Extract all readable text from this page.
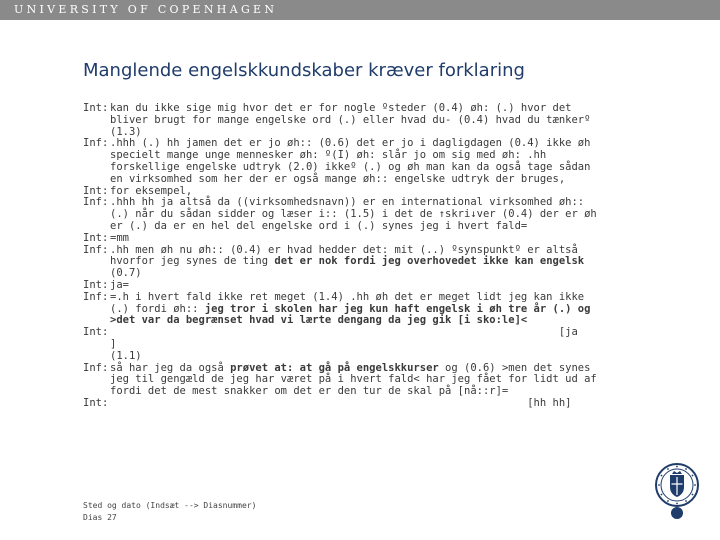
UNIVERSITY OF COPENHAGEN

Manglende engelskkundskaber kræver forklaring
Int: kan du ikke sige mig hvor det er for nogle ºsteder (0.4) øh: (.) hvor det bliver brugt for mange engelske ord (.) eller hvad du- (0.4) hvad du tænkerº (1.3)
Inf: .hhh (.) hh jamen det er jo øh:: (0.6) det er jo i dagligdagen (0.4) ikke øh specielt mange unge mennesker øh: º(I) øh: slår jo om sig med øh: .hh forskellige engelske udtryk (2.0) ikkeº (.) og øh man kan da også tage sådan en virksomhed som her der er også mange øh:: engelske udtryk der bruges,
Int: for eksempel,
Inf: .hhh hh ja altså da ((virksomhedsnavn)) er en international virksomhed øh:: (.) når du sådan sidder og læser i:: (1.5) i det de ↑skri↓ver (0.4) der er øh er (.) da er en hel del engelske ord i (.) synes jeg i hvert fald=
Int: =mm
Inf: .hh men øh nu øh:: (0.4) er hvad hedder det: mit (..) ºsynspunktº er altså hvorfor jeg synes de ting det er nok fordi jeg overhovedet ikke kan engelsk (0.7)
Int: ja=
Inf: =.h i hvert fald ikke ret meget (1.4) .hh øh det er meget lidt jeg kan ikke (.) fordi øh:: jeg tror i skolen har jeg kun haft engelsk i øh tre år (.) og >det var da begrænset hvad vi lærte dengang da jeg gik [i sko:le]<
Int:	[ja     ]
(1.1)
Inf: så har jeg da også prøvet at: at gå på engelskkurser og (0.6) >men det synes jeg til gengæld de jeg har været på i hvert fald< har jeg fået for lidt ud af fordi det de mest snakker om det er den tur de skal på [nå::r]=
Int: [hh hh]

Sted og dato (Indsæt --> Diasnummer)

Dias 27
